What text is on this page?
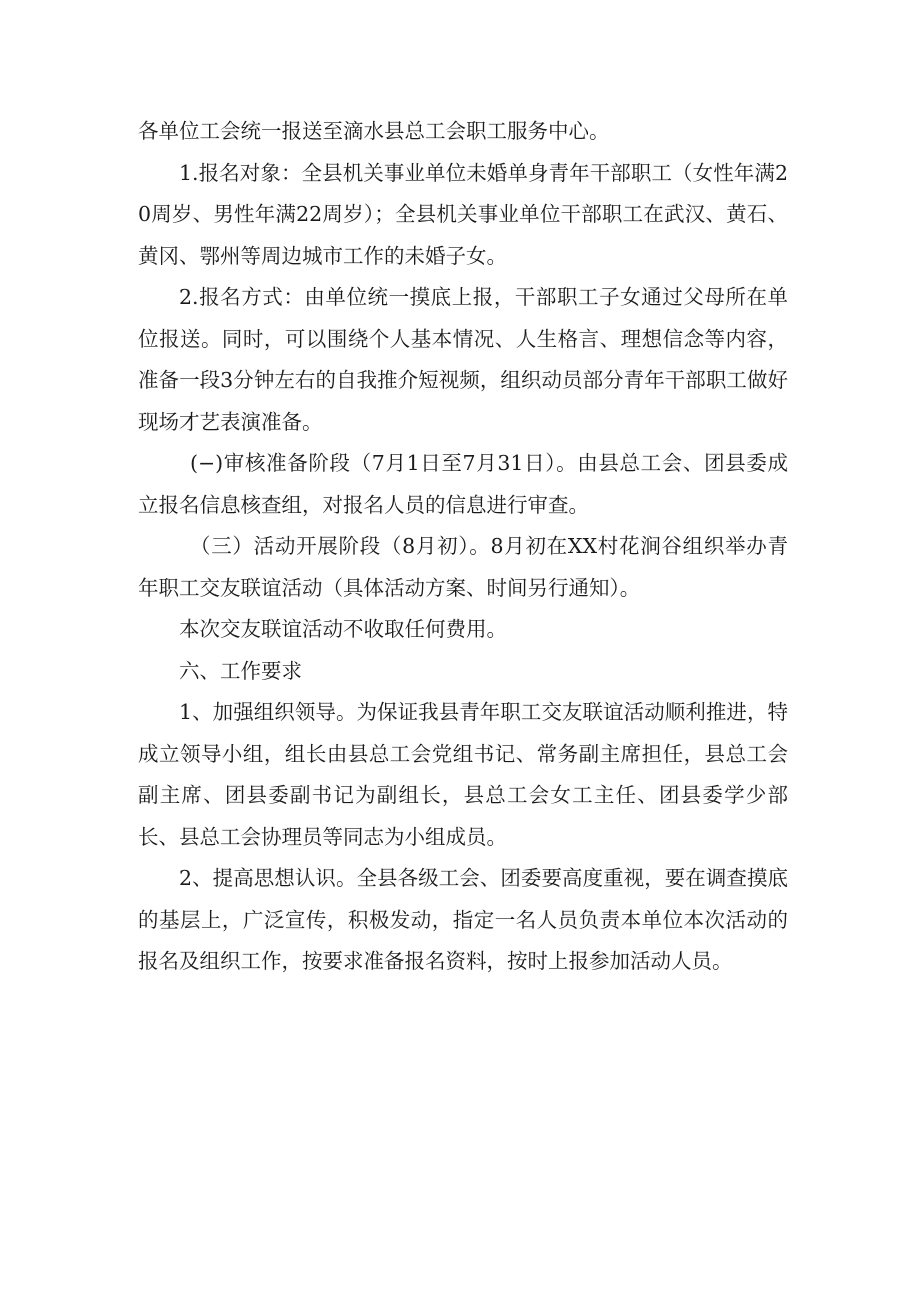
各单位工会统一报送至滴水县总工会职工服务中心。

1.报名对象：全县机关事业单位未婚单身青年干部职工（女性年满20周岁、男性年满22周岁）；全县机关事业单位干部职工在武汉、黄石、黄冈、鄂州等周边城市工作的未婚子女。

2.报名方式：由单位统一摸底上报，干部职工子女通过父母所在单位报送。同时，可以围绕个人基本情况、人生格言、理想信念等内容，准备一段3分钟左右的自我推介短视频，组织动员部分青年干部职工做好现场才艺表演准备。

(−)审核准备阶段（7月1日至7月31日）。由县总工会、团县委成立报名信息核查组，对报名人员的信息进行审查。

（三）活动开展阶段（8月初）。8月初在XX村花涧谷组织举办青年职工交友联谊活动（具体活动方案、时间另行通知）。

本次交友联谊活动不收取任何费用。

六、工作要求

1、加强组织领导。为保证我县青年职工交友联谊活动顺利推进，特成立领导小组，组长由县总工会党组书记、常务副主席担任，县总工会副主席、团县委副书记为副组长，县总工会女工主任、团县委学少部长、县总工会协理员等同志为小组成员。

2、提高思想认识。全县各级工会、团委要高度重视，要在调查摸底的基层上，广泛宣传，积极发动，指定一名人员负责本单位本次活动的报名及组织工作，按要求准备报名资料，按时上报参加活动人员。
